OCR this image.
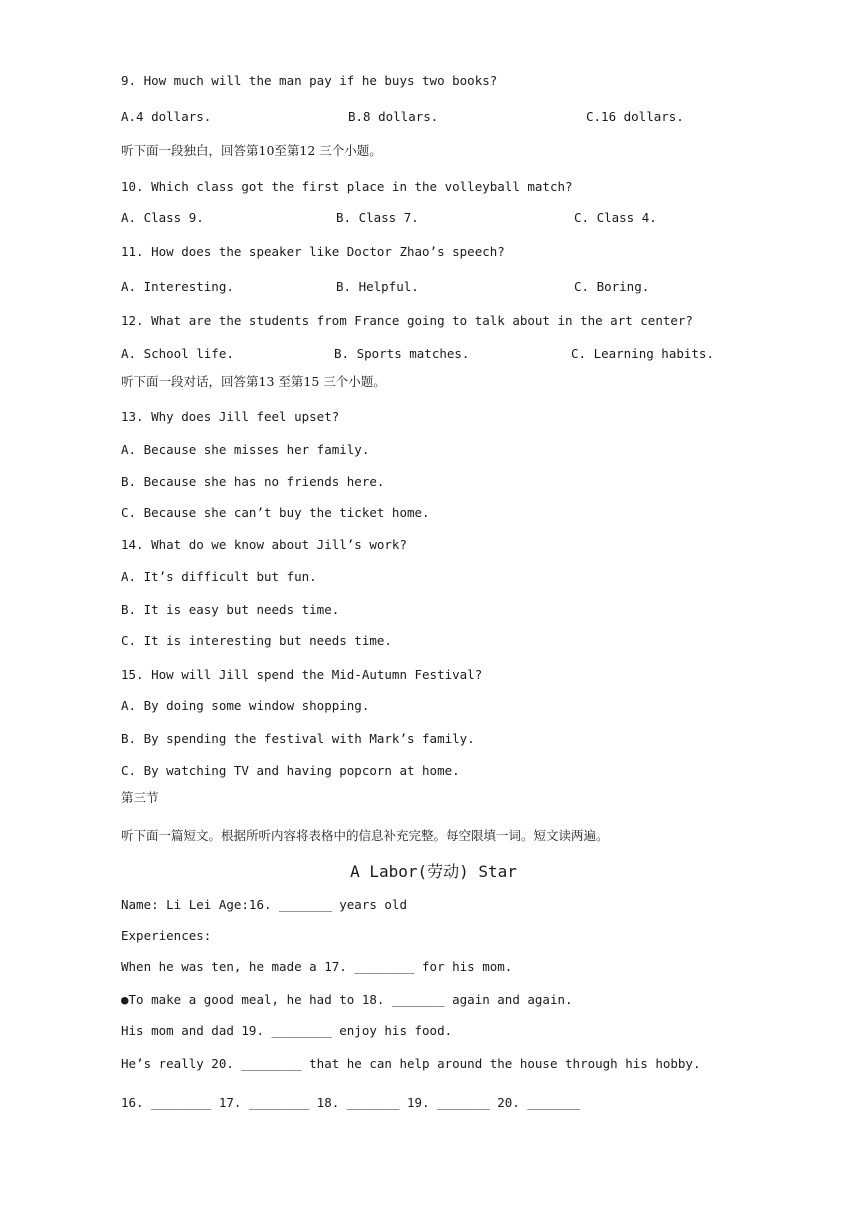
9. How much will the man pay if he buys two books?
A.4 dollars.	B.8 dollars.	C.16 dollars.
听下面一段独白，回答第10至第12 三个小题。
10. Which class got the first place in the volleyball match?
A. Class 9.	B. Class 7.	C. Class 4.
11. How does the speaker like Doctor Zhao’s speech?
A. Interesting.	B. Helpful.	C. Boring.
12. What are the students from France going to talk about in the art center?
A. School life.	B. Sports matches.	C. Learning habits.
听下面一段对话，回答第13 至第15 三个小题。
13. Why does Jill feel upset?
A. Because she misses her family.
B. Because she has no friends here.
C. Because she can’t buy the ticket home.
14. What do we know about Jill’s work?
A. It’s difficult but fun.
B. It is easy but needs time.
C. It is interesting but needs time.
15. How will Jill spend the Mid-Autumn Festival?
A. By doing some window shopping.
B. By spending the festival with Mark’s family.
C. By watching TV and having popcorn at home.
第三节
听下面一篇短文。根据所听内容将表格中的信息补充完整。每空限填一词。短文读两遍。
A Labor(劳动) Star
Name: Li Lei Age:16. _______ years old
Experiences:
When he was ten, he made a 17. ________ for his mom.
●To make a good meal, he had to 18. _______ again and again.
His mom and dad 19. ________ enjoy his food.
He’s really 20. ________ that he can help around the house through his hobby.
16. ________ 17. ________ 18. _______ 19. _______ 20. _______
